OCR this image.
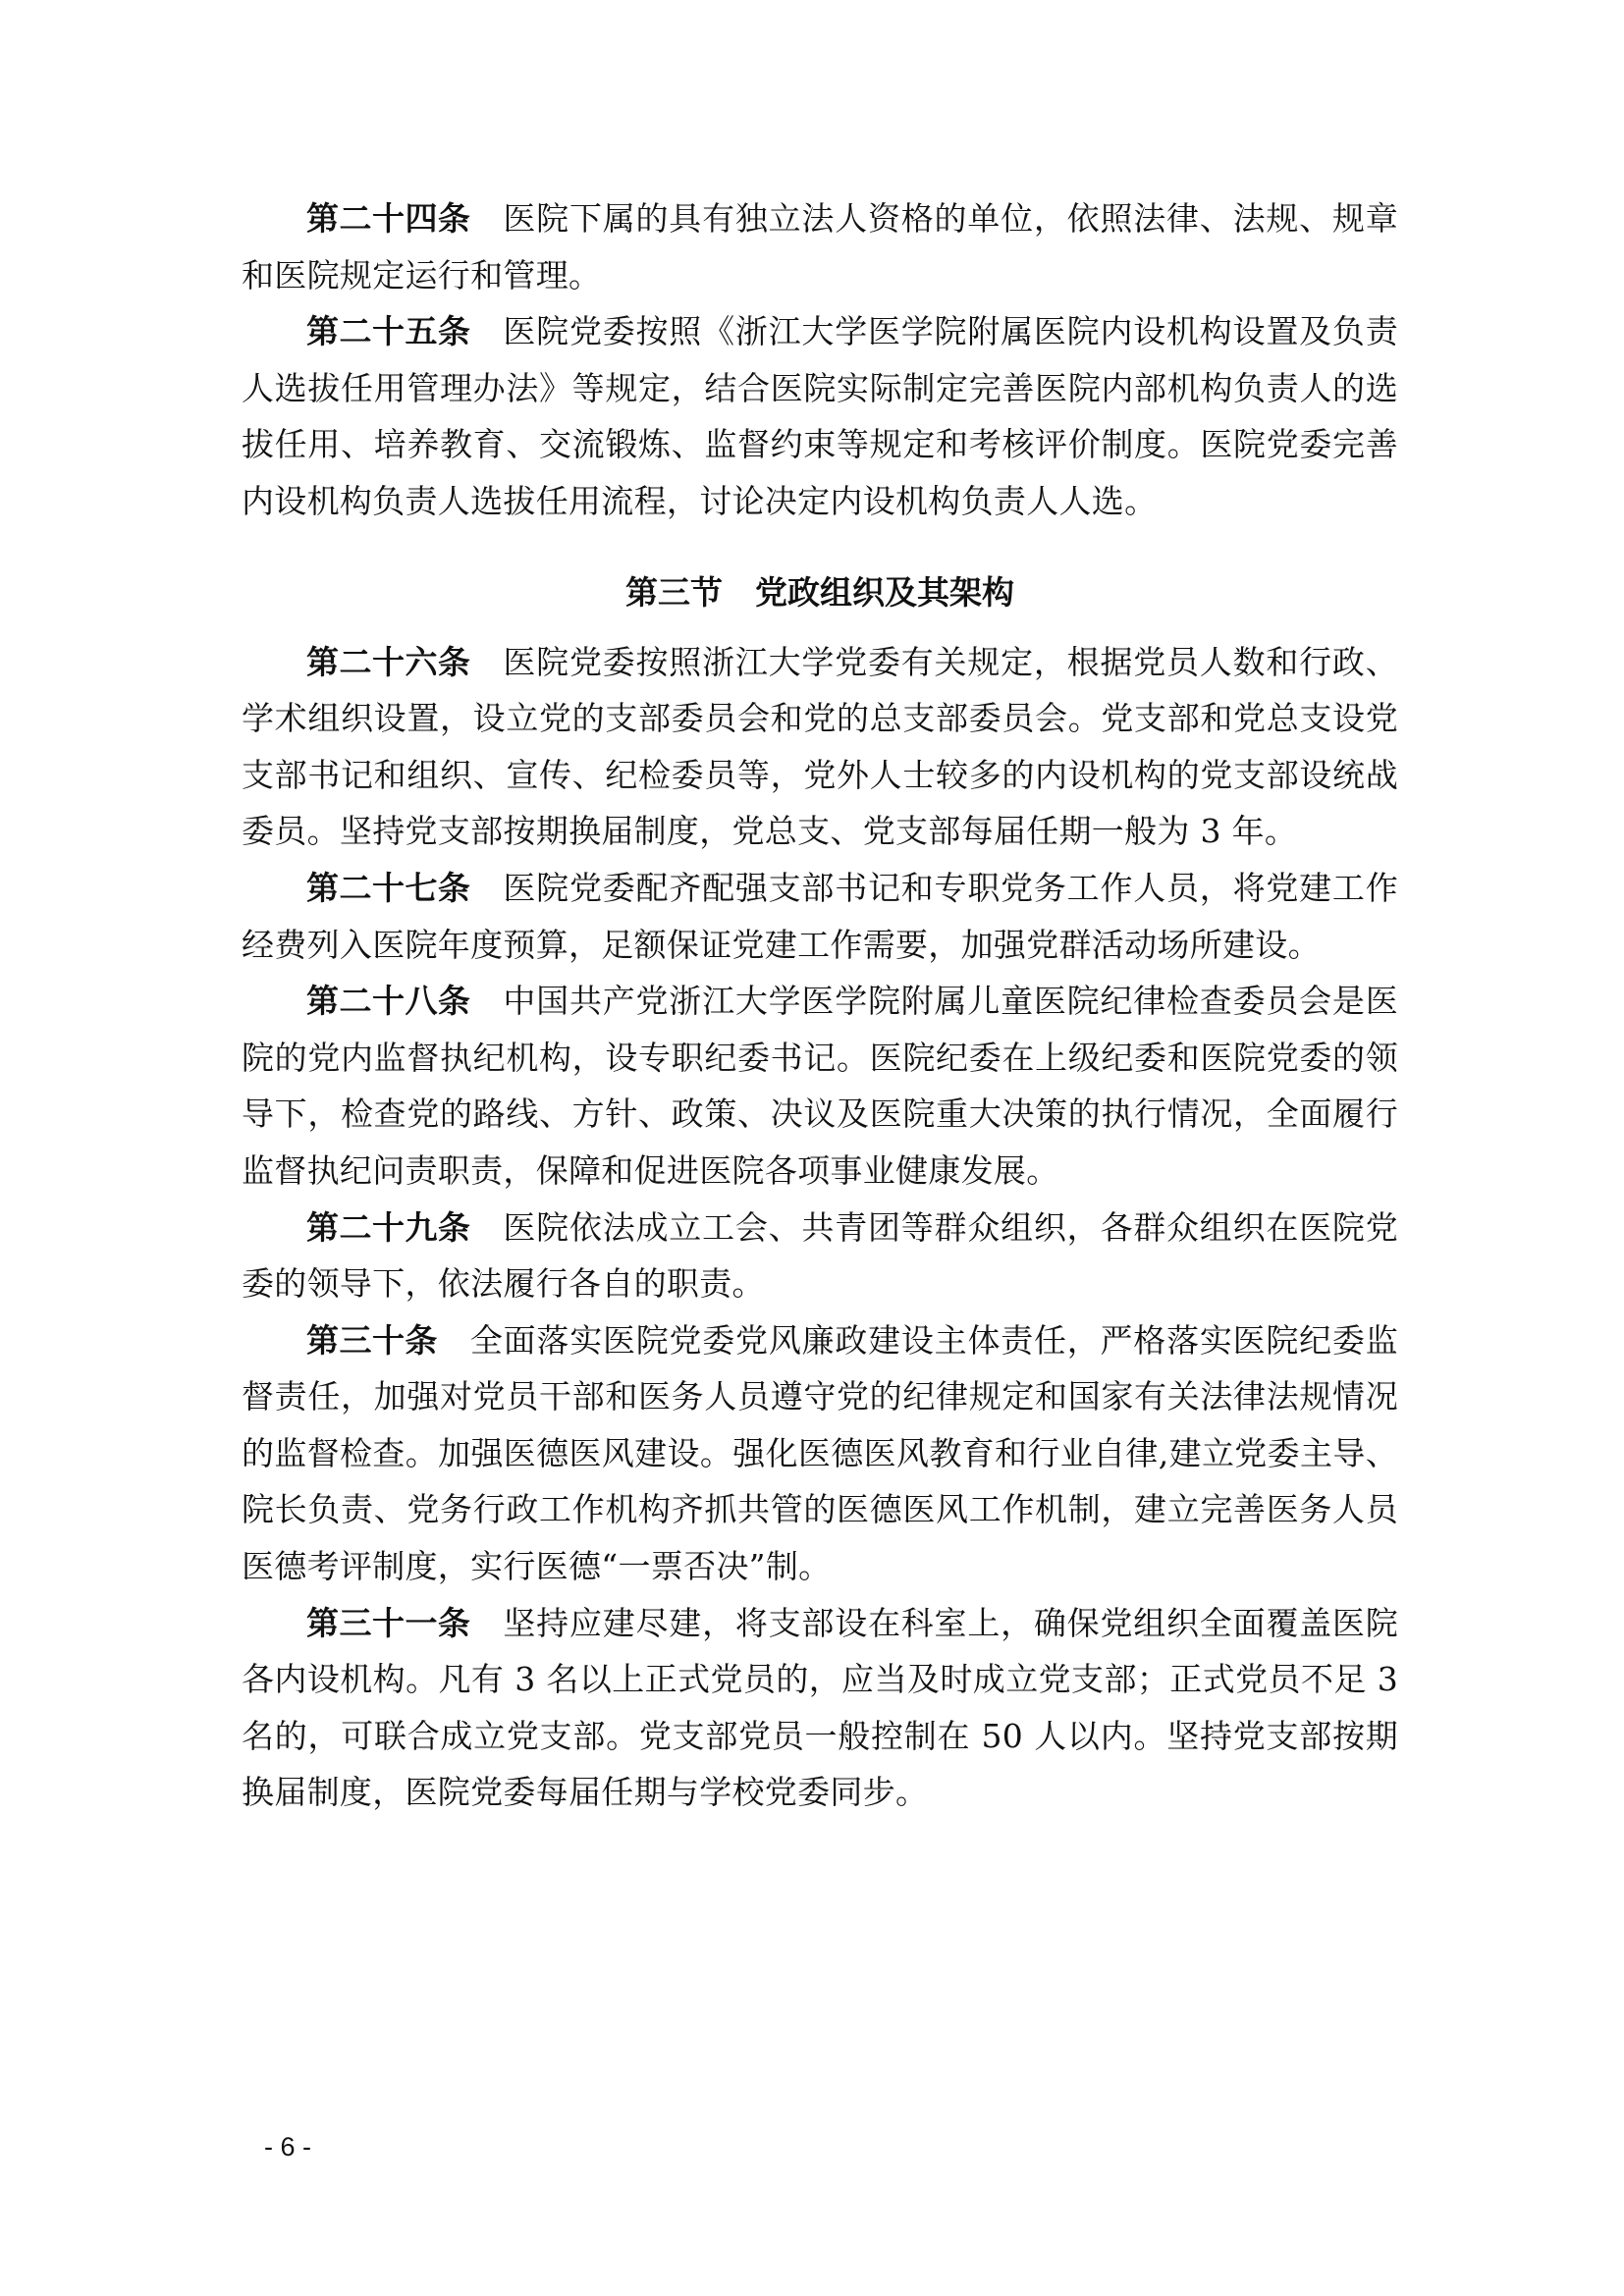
第二十四条 医院下属的具有独立法人资格的单位，依照法律、法规、规章和医院规定运行和管理。

第二十五条 医院党委按照《浙江大学医学院附属医院内设机构设置及负责人选拔任用管理办法》等规定，结合医院实际制定完善医院内部机构负责人的选拔任用、培养教育、交流锻炼、监督约束等规定和考核评价制度。医院党委完善内设机构负责人选拔任用流程，讨论决定内设机构负责人人选。

第三节 党政组织及其架构

第二十六条 医院党委按照浙江大学党委有关规定，根据党员人数和行政、学术组织设置，设立党的支部委员会和党的总支部委员会。党支部和党总支设党支部书记和组织、宣传、纪检委员等，党外人士较多的内设机构的党支部设统战委员。坚持党支部按期换届制度，党总支、党支部每届任期一般为 3 年。

第二十七条 医院党委配齐配强支部书记和专职党务工作人员，将党建工作经费列入医院年度预算，足额保证党建工作需要，加强党群活动场所建设。

第二十八条 中国共产党浙江大学医学院附属儿童医院纪律检查委员会是医院的党内监督执纪机构，设专职纪委书记。医院纪委在上级纪委和医院党委的领导下，检查党的路线、方针、政策、决议及医院重大决策的执行情况，全面履行监督执纪问责职责，保障和促进医院各项事业健康发展。

第二十九条 医院依法成立工会、共青团等群众组织，各群众组织在医院党委的领导下，依法履行各自的职责。

第三十条 全面落实医院党委党风廉政建设主体责任，严格落实医院纪委监督责任，加强对党员干部和医务人员遵守党的纪律规定和国家有关法律法规情况的监督检查。加强医德医风建设。强化医德医风教育和行业自律,建立党委主导、院长负责、党务行政工作机构齐抓共管的医德医风工作机制，建立完善医务人员医德考评制度，实行医德“一票否决”制。

第三十一条 坚持应建尽建，将支部设在科室上，确保党组织全面覆盖医院各内设机构。凡有 3 名以上正式党员的，应当及时成立党支部；正式党员不足 3 名的，可联合成立党支部。党支部党员一般控制在 50 人以内。坚持党支部按期换届制度，医院党委每届任期与学校党委同步。

- 6 -
